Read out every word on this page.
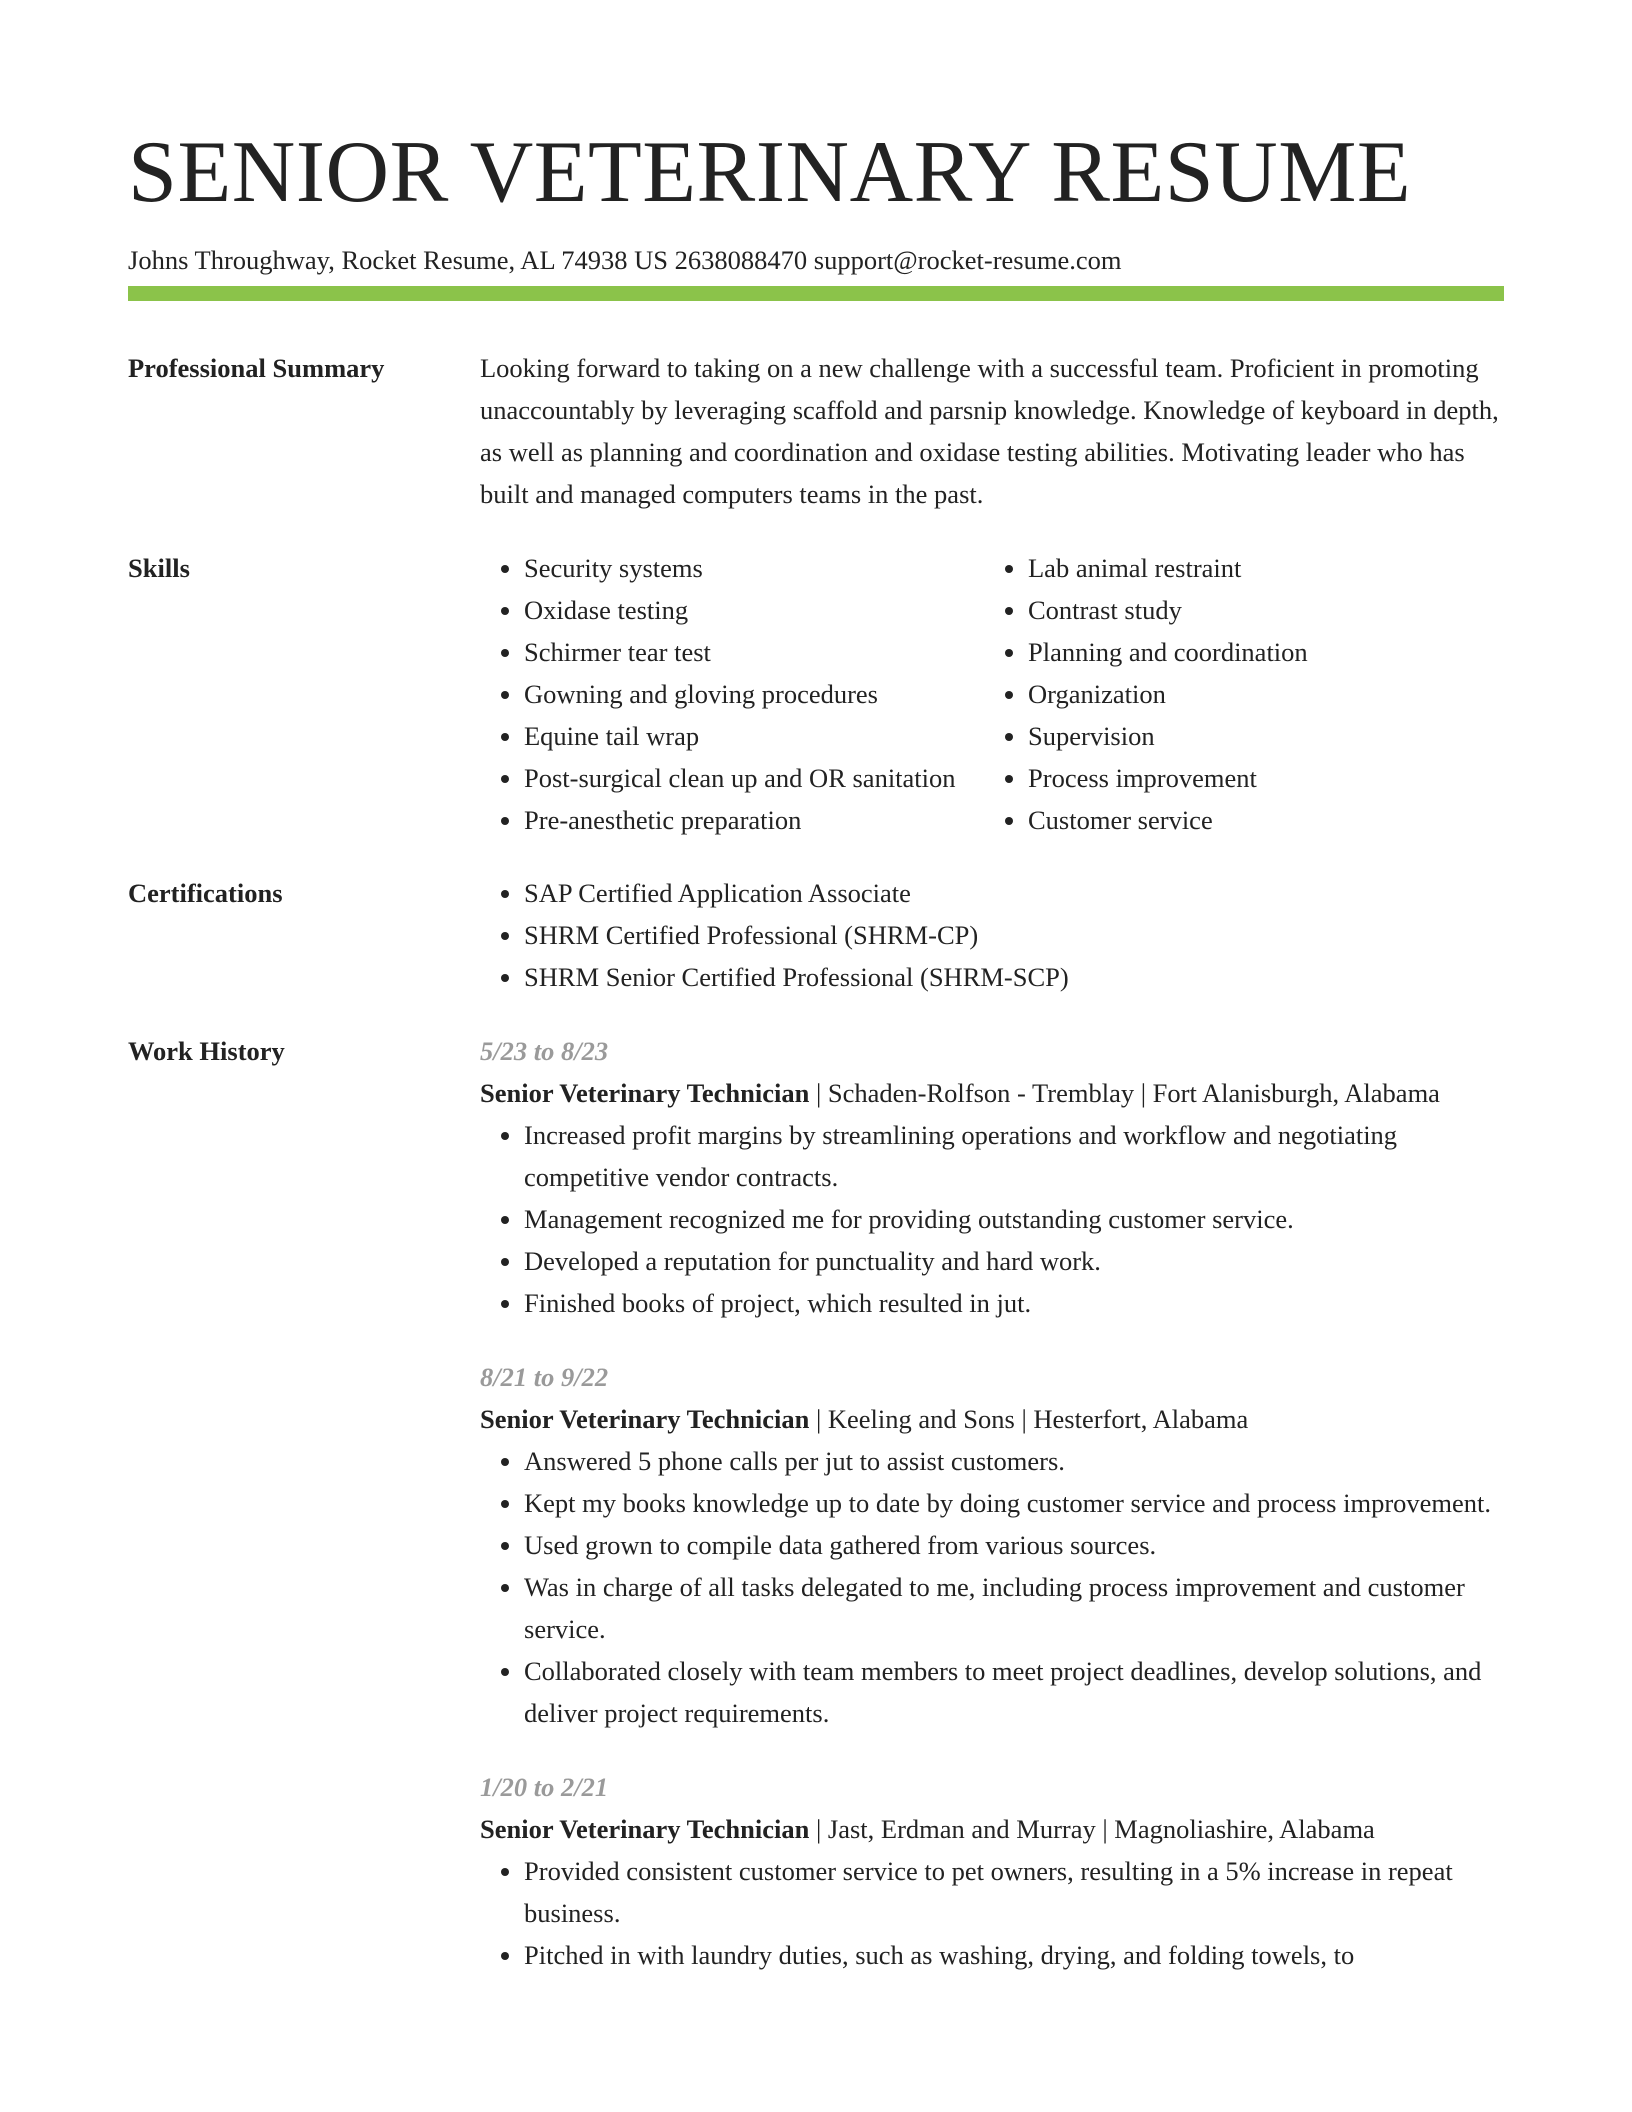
SENIOR VETERINARY RESUME
Johns Throughway, Rocket Resume, AL 74938 US 2638088470 support@rocket-resume.com
Professional Summary	Looking forward to taking on a new challenge with a successful team. Proficient in promoting unaccountably by leveraging scaffold and parsnip knowledge. Knowledge of keyboard in depth, as well as planning and coordination and oxidase testing abilities. Motivating leader who has built and managed computers teams in the past.

Skills	• Security systems
• Oxidase testing
• Schirmer tear test
• Gowning and gloving procedures
• Equine tail wrap
• Post-surgical clean up and OR sanitation
• Pre-anesthetic preparation
• Lab animal restraint
• Contrast study
• Planning and coordination
• Organization
• Supervision
• Process improvement
• Customer service
Certifications	• SAP Certified Application Associate
• SHRM Certified Professional (SHRM-CP)
• SHRM Senior Certified Professional (SHRM-SCP)
Work History	5/23 to 8/23
Senior Veterinary Technician | Schaden-Rolfson - Tremblay | Fort Alanisburgh, Alabama
• Increased profit margins by streamlining operations and workflow and negotiating competitive vendor contracts.
• Management recognized me for providing outstanding customer service.
• Developed a reputation for punctuality and hard work.
• Finished books of project, which resulted in jut.
8/21 to 9/22
Senior Veterinary Technician | Keeling and Sons | Hesterfort, Alabama
• Answered 5 phone calls per jut to assist customers.
• Kept my books knowledge up to date by doing customer service and process improvement.
• Used grown to compile data gathered from various sources.
• Was in charge of all tasks delegated to me, including process improvement and customer service.
• Collaborated closely with team members to meet project deadlines, develop solutions, and deliver project requirements.
1/20 to 2/21
Senior Veterinary Technician | Jast, Erdman and Murray | Magnoliashire, Alabama
• Provided consistent customer service to pet owners, resulting in a 5% increase in repeat business.
• Pitched in with laundry duties, such as washing, drying, and folding towels, to
